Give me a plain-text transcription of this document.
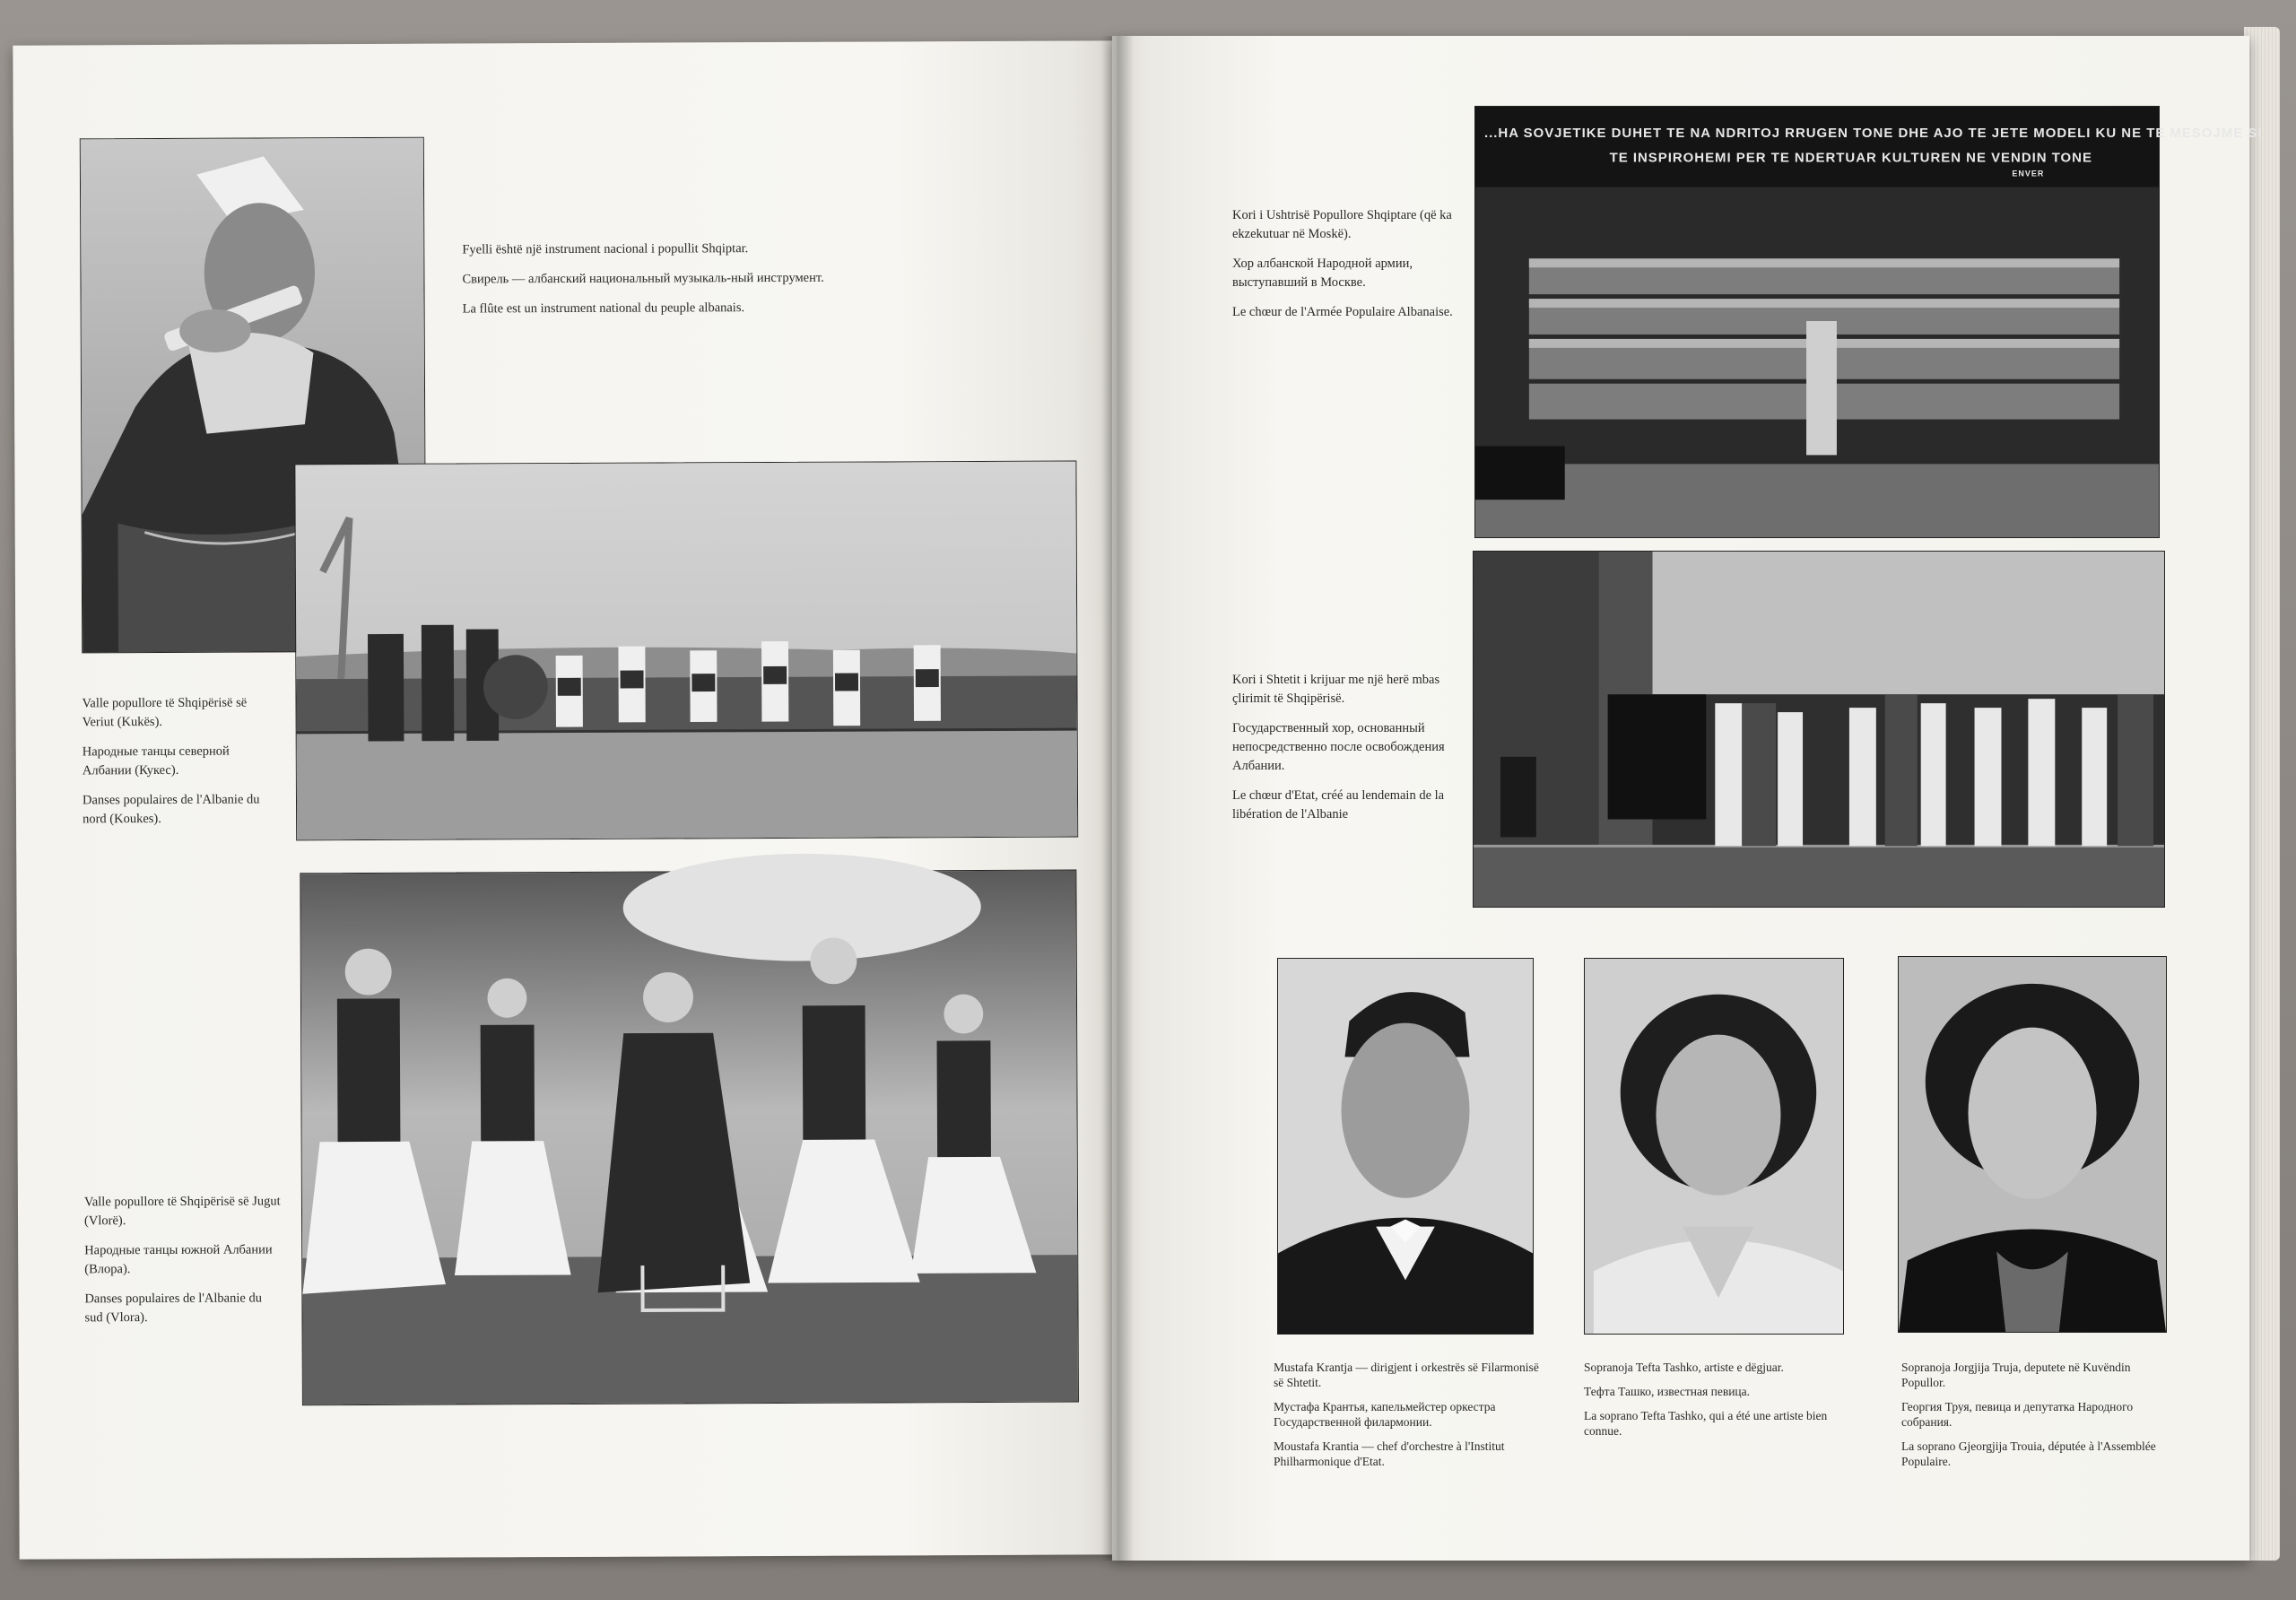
Fyelli është një instrument nacional i popullit Shqiptar.

Свирель — албанский национальный музыкаль-ный инструмент.

La flûte est un instrument national du peuple albanais.

Valle popullore të Shqipërisë së Veriut (Kukës).

Народные танцы северной Албании (Кукес).

Danses populaires de l'Albanie du nord (Koukes).

Valle popullore të Shqipërisë së Jugut (Vlorë).

Народные танцы южной Албании (Влора).

Danses populaires de l'Albanie du sud (Vlora).

Kori i Ushtrisë Popullore Shqiptare (që ka ekzekutuar në Moskë).

Хор албанской Народной армии, выступавший в Москве.

Le chœur de l'Armée Populaire Albanaise.

...HA SOVJETIKE DUHET TE NA NDRITOJ RRUGEN TONE DHE AJO TE JETE MODELI KU NE TE MESOJME SI
TE INSPIROHEMI PER TE NDERTUAR KULTUREN NE VENDIN TONE
ENVER

Kori i Shtetit i krijuar me një herë mbas çlirimit të Shqipërisë.

Государственный хор, основанный непосредственно после освобождения Албании.

Le chœur d'Etat, créé au lendemain de la libération de l'Albanie

Mustafa Krantja — dirigjent i orkestrës së Filarmonisë së Shtetit.

Мустафа Крантья, капельмейстер оркестра Государственной филармонии.

Moustafa Krantia — chef d'orchestre à l'Institut Philharmonique d'Etat.

Sopranoja Tefta Tashko, artiste e dëgjuar.

Тефта Ташко, известная певица.

La soprano Tefta Tashko, qui a été une artiste bien connue.

Sopranoja Jorgjija Truja, deputete në Kuvëndin Popullor.

Георгия Труя, певица и депутатка Народного собрания.

La soprano Gjeorgjija Trouia, députée à l'Assemblée Populaire.
